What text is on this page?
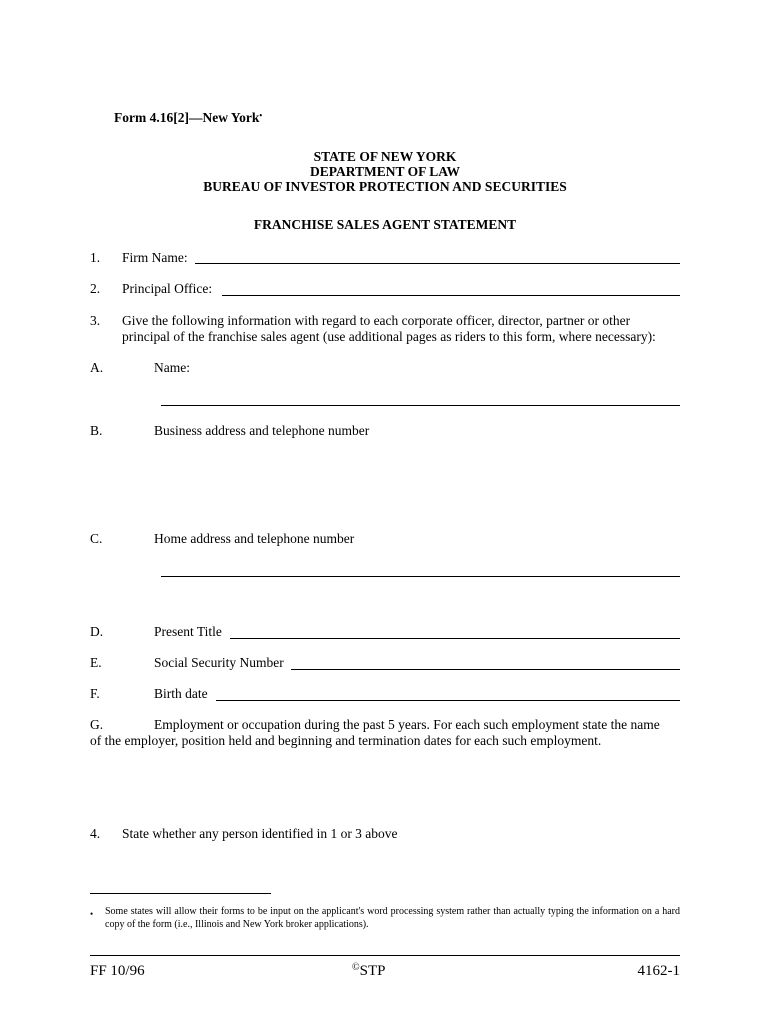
Form 4.16[2]—New York•
STATE OF NEW YORK
DEPARTMENT OF LAW
BUREAU OF INVESTOR PROTECTION AND SECURITIES
FRANCHISE SALES AGENT STATEMENT
1. Firm Name:
2. Principal Office:
3. Give the following information with regard to each corporate officer, director, partner or other
principal of the franchise sales agent (use additional pages as riders to this form, where necessary):
A.	Name:
B.	Business address and telephone number
C.	Home address and telephone number
D.	Present Title
E.	Social Security Number
F.	Birth date
G.	Employment or occupation during the past 5 years. For each such employment state the name
of the employer, position held and beginning and termination dates for each such employment.
4. State whether any person identified in 1 or 3 above
• Some states will allow their forms to be input on the applicant's word processing system rather than actually typing the information on a hard copy of the form (i.e., Illinois and New York broker applications).
FF 10/96	©STP	4162-1
